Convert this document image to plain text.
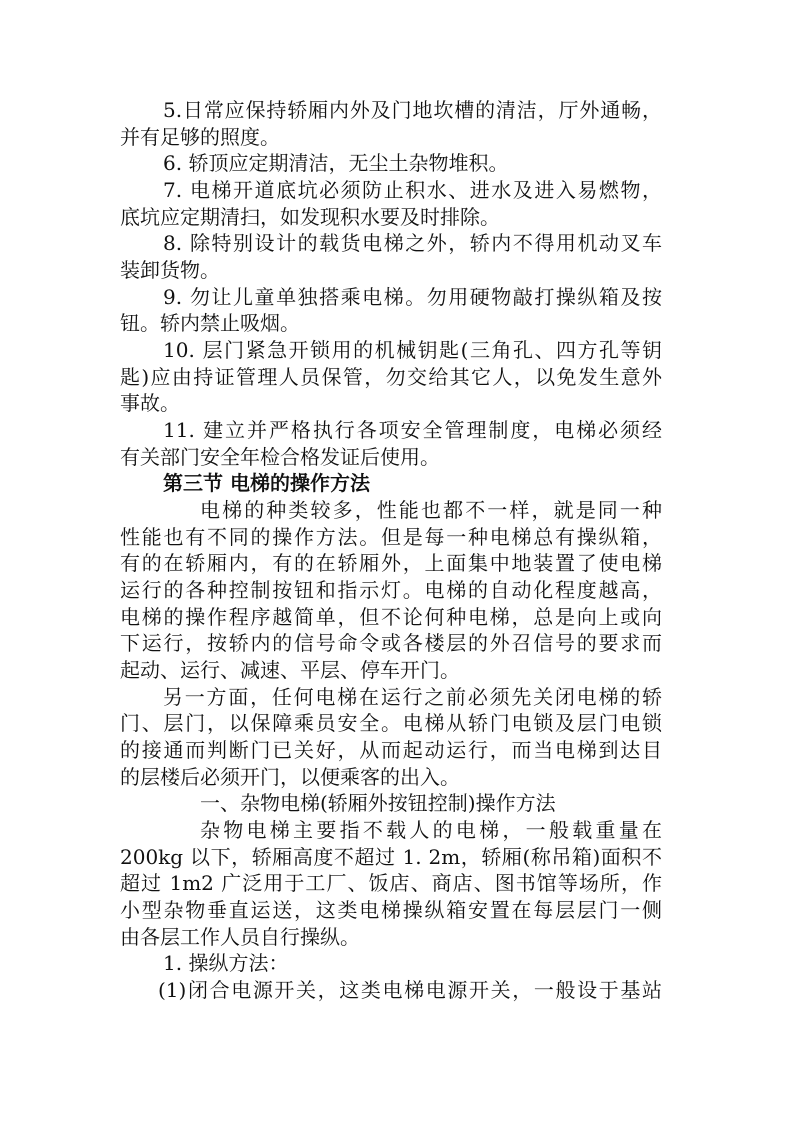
5.日常应保持轿厢内外及门地坎槽的清洁，厅外通畅，
并有足够的照度。
6. 轿顶应定期清洁，无尘土杂物堆积。
7. 电梯开道底坑必须防止积水、进水及进入易燃物，
底坑应定期清扫，如发现积水要及时排除。
8. 除特别设计的载货电梯之外，轿内不得用机动叉车
装卸货物。
9. 勿让儿童单独搭乘电梯。勿用硬物敲打操纵箱及按
钮。轿内禁止吸烟。
10. 层门紧急开锁用的机械钥匙(三角孔、四方孔等钥
匙)应由持证管理人员保管，勿交给其它人，以免发生意外
事故。
11. 建立并严格执行各项安全管理制度，电梯必须经
有关部门安全年检合格发证后使用。
第三节 电梯的操作方法
电梯的种类较多，性能也都不一样，就是同一种
性能也有不同的操作方法。但是每一种电梯总有操纵箱，
有的在轿厢内，有的在轿厢外，上面集中地装置了使电梯
运行的各种控制按钮和指示灯。电梯的自动化程度越高，
电梯的操作程序越简单，但不论何种电梯，总是向上或向
下运行，按轿内的信号命令或各楼层的外召信号的要求而
起动、运行、减速、平层、停车开门。
另一方面，任何电梯在运行之前必须先关闭电梯的轿
门、层门，以保障乘员安全。电梯从轿门电锁及层门电锁
的接通而判断门已关好，从而起动运行，而当电梯到达目
的层楼后必须开门，以便乘客的出入。
一、杂物电梯(轿厢外按钮控制)操作方法
杂物电梯主要指不载人的电梯，一般载重量在
200kg 以下，轿厢高度不超过 1. 2m，轿厢(称吊箱)面积不
超过 1m2 广泛用于工厂、饭店、商店、图书馆等场所，作
小型杂物垂直运送，这类电梯操纵箱安置在每层层门一侧
由各层工作人员自行操纵。
1. 操纵方法：
(1)闭合电源开关，这类电梯电源开关，一般设于基站
